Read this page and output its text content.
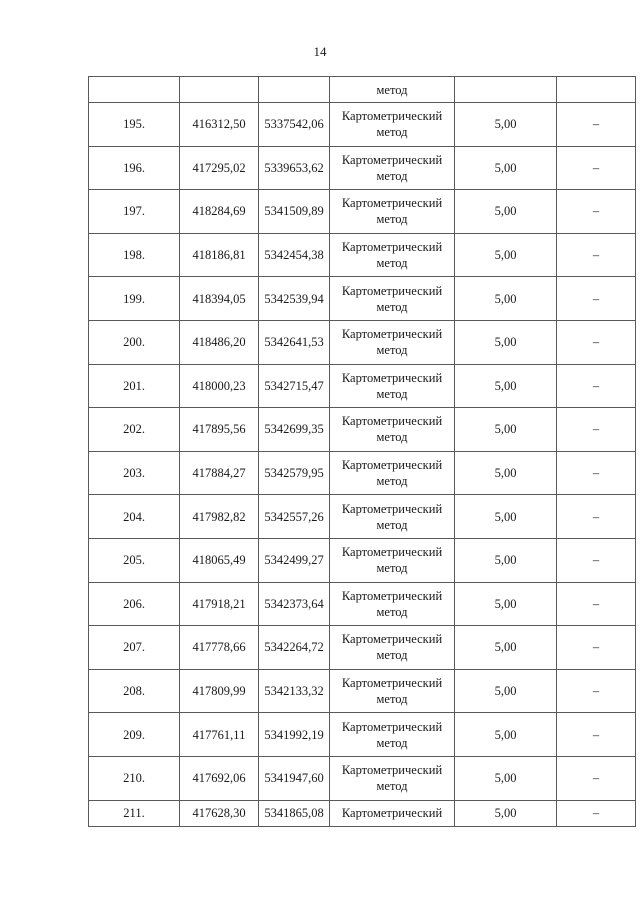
14
			метод		
195.	416312,50	5337542,06	Картометрический метод	5,00	–
196.	417295,02	5339653,62	Картометрический метод	5,00	–
197.	418284,69	5341509,89	Картометрический метод	5,00	–
198.	418186,81	5342454,38	Картометрический метод	5,00	–
199.	418394,05	5342539,94	Картометрический метод	5,00	–
200.	418486,20	5342641,53	Картометрический метод	5,00	–
201.	418000,23	5342715,47	Картометрический метод	5,00	–
202.	417895,56	5342699,35	Картометрический метод	5,00	–
203.	417884,27	5342579,95	Картометрический метод	5,00	–
204.	417982,82	5342557,26	Картометрический метод	5,00	–
205.	418065,49	5342499,27	Картометрический метод	5,00	–
206.	417918,21	5342373,64	Картометрический метод	5,00	–
207.	417778,66	5342264,72	Картометрический метод	5,00	–
208.	417809,99	5342133,32	Картометрический метод	5,00	–
209.	417761,11	5341992,19	Картометрический метод	5,00	–
210.	417692,06	5341947,60	Картометрический метод	5,00	–
211.	417628,30	5341865,08	Картометрический	5,00	–
